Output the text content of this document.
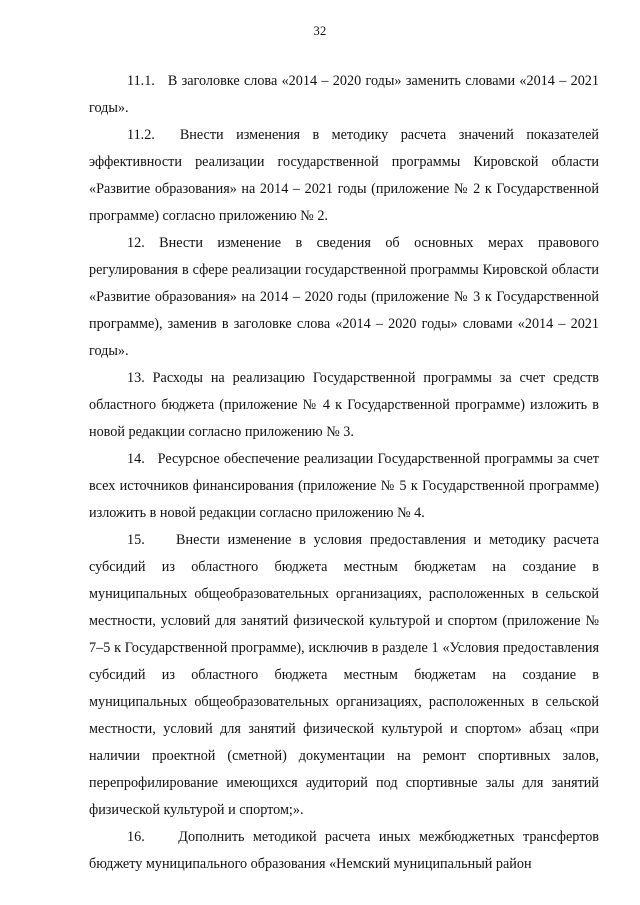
32

11.1.   В заголовке слова «2014 – 2020 годы» заменить словами «2014 – 2021 годы».

11.2.  Внести изменения в методику расчета значений показателей эффективности реализации государственной программы Кировской области «Развитие образования» на 2014 – 2021 годы (приложение № 2 к Государственной программе) согласно приложению № 2.

12. Внести изменение в сведения об основных мерах правового регулирования в сфере реализации государственной программы Кировской области «Развитие образования» на 2014 – 2020 годы (приложение № 3 к Государственной программе), заменив в заголовке слова «2014 – 2020 годы» словами «2014 – 2021 годы».

13. Расходы на реализацию Государственной программы за счет средств областного бюджета (приложение № 4 к Государственной программе) изложить в новой редакции согласно приложению № 3.

14.   Ресурсное обеспечение реализации Государственной программы за счет всех источников финансирования (приложение № 5 к Государственной программе) изложить в новой редакции согласно приложению № 4.

15.    Внести изменение в условия предоставления и методику расчета субсидий из областного бюджета местным бюджетам на создание в муниципальных общеобразовательных организациях, расположенных в сельской местности, условий для занятий физической культурой и спортом (приложение № 7–5 к Государственной программе), исключив в разделе 1 «Условия предоставления субсидий из областного бюджета местным бюджетам на создание в муниципальных общеобразовательных организациях, расположенных в сельской местности, условий для занятий физической культурой и спортом» абзац «при наличии проектной (сметной) документации на ремонт спортивных залов, перепрофилирование имеющихся аудиторий под спортивные залы для занятий физической культурой и спортом;».

16.    Дополнить методикой расчета иных межбюджетных трансфертов бюджету муниципального образования «Немский муниципальный район
